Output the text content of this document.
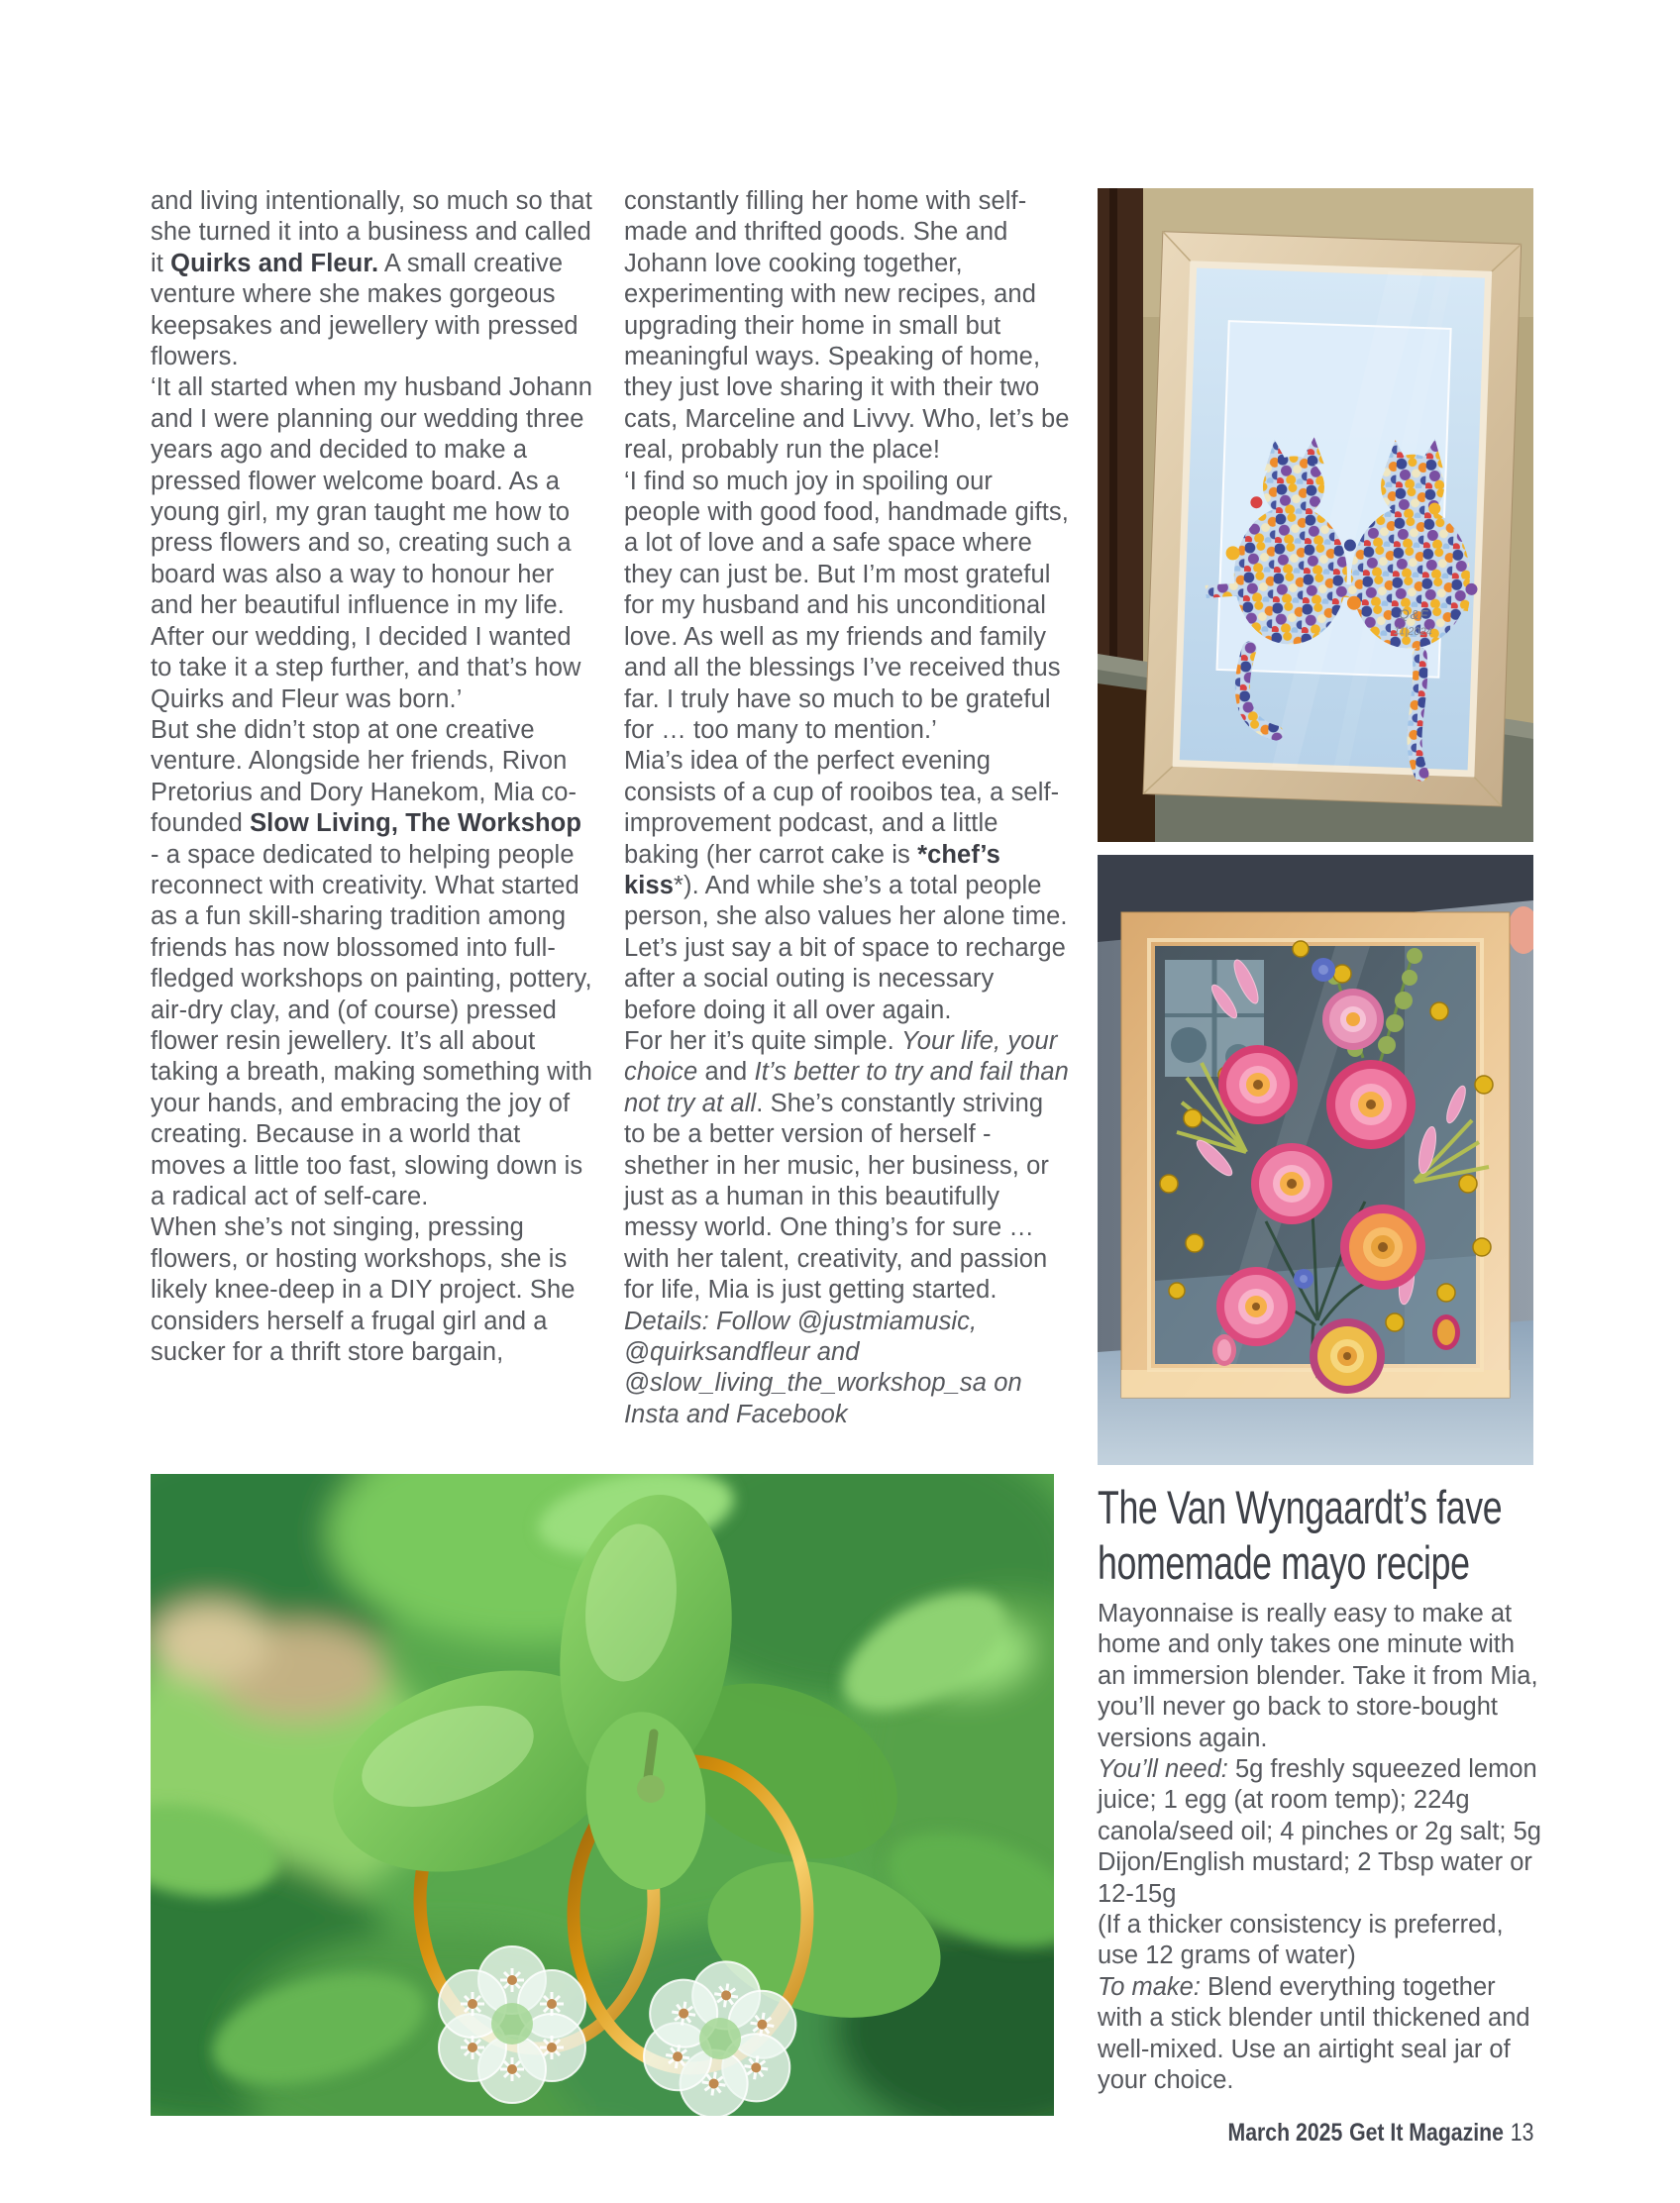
and living intentionally, so much so that she turned it into a business and called it Quirks and Fleur. A small creative venture where she makes gorgeous keepsakes and jewellery with pressed flowers.

‘It all started when my husband Johann and I were planning our wedding three years ago and decided to make a pressed flower welcome board. As a young girl, my gran taught me how to press flowers and so, creating such a board was also a way to honour her and her beautiful influence in my life. After our wedding, I decided I wanted to take it a step further, and that’s how Quirks and Fleur was born.’

But she didn’t stop at one creative venture. Alongside her friends, Rivon Pretorius and Dory Hanekom, Mia co-founded Slow Living, The Workshop - a space dedicated to helping people reconnect with creativity. What started as a fun skill-sharing tradition among friends has now blossomed into full-fledged workshops on painting, pottery, air-dry clay, and (of course) pressed flower resin jewellery. It’s all about taking a breath, making something with your hands, and embracing the joy of creating. Because in a world that moves a little too fast, slowing down is a radical act of self-care.

When she’s not singing, pressing flowers, or hosting workshops, she is likely knee-deep in a DIY project. She considers herself a frugal girl and a sucker for a thrift store bargain,

constantly filling her home with self-made and thrifted goods. She and Johann love cooking together, experimenting with new recipes, and upgrading their home in small but meaningful ways. Speaking of home, they just love sharing it with their two cats, Marceline and Livvy. Who, let’s be real, probably run the place!

‘I find so much joy in spoiling our people with good food, handmade gifts, a lot of love and a safe space where they can just be. But I’m most grateful for my husband and his unconditional love. As well as my friends and family and all the blessings I’ve received thus far. I truly have so much to be grateful for … too many to mention.’

Mia’s idea of the perfect evening consists of a cup of rooibos tea, a self-improvement podcast, and a little baking (her carrot cake is *chef’s kiss*). And while she’s a total people person, she also values her alone time. Let’s just say a bit of space to recharge after a social outing is necessary before doing it all over again.

For her it’s quite simple. Your life, your choice and It’s better to try and fail than not try at all. She’s constantly striving to be a better version of herself - shether in her music, her business, or just as a human in this beautifully messy world. One thing’s for sure … with her talent, creativity, and passion for life, Mia is just getting started.

Details: Follow @justmiamusic, @quirksandfleur and @slow_living_the_workshop_sa on Insta and Facebook

Q&F
11|2024
The Van Wyngaardt’s fave
homemade mayo recipe

Mayonnaise is really easy to make at home and only takes one minute with an immersion blender. Take it from Mia, you’ll never go back to store-bought versions again.

You’ll need: 5g freshly squeezed lemon juice; 1 egg (at room temp); 224g canola/seed oil; 4 pinches or 2g salt; 5g Dijon/English mustard; 2 Tbsp water or 12-15g

(If a thicker consistency is preferred, use 12 grams of water)

To make: Blend everything together with a stick blender until thickened and well-mixed. Use an airtight seal jar of your choice.

March 2025 Get It Magazine 13
